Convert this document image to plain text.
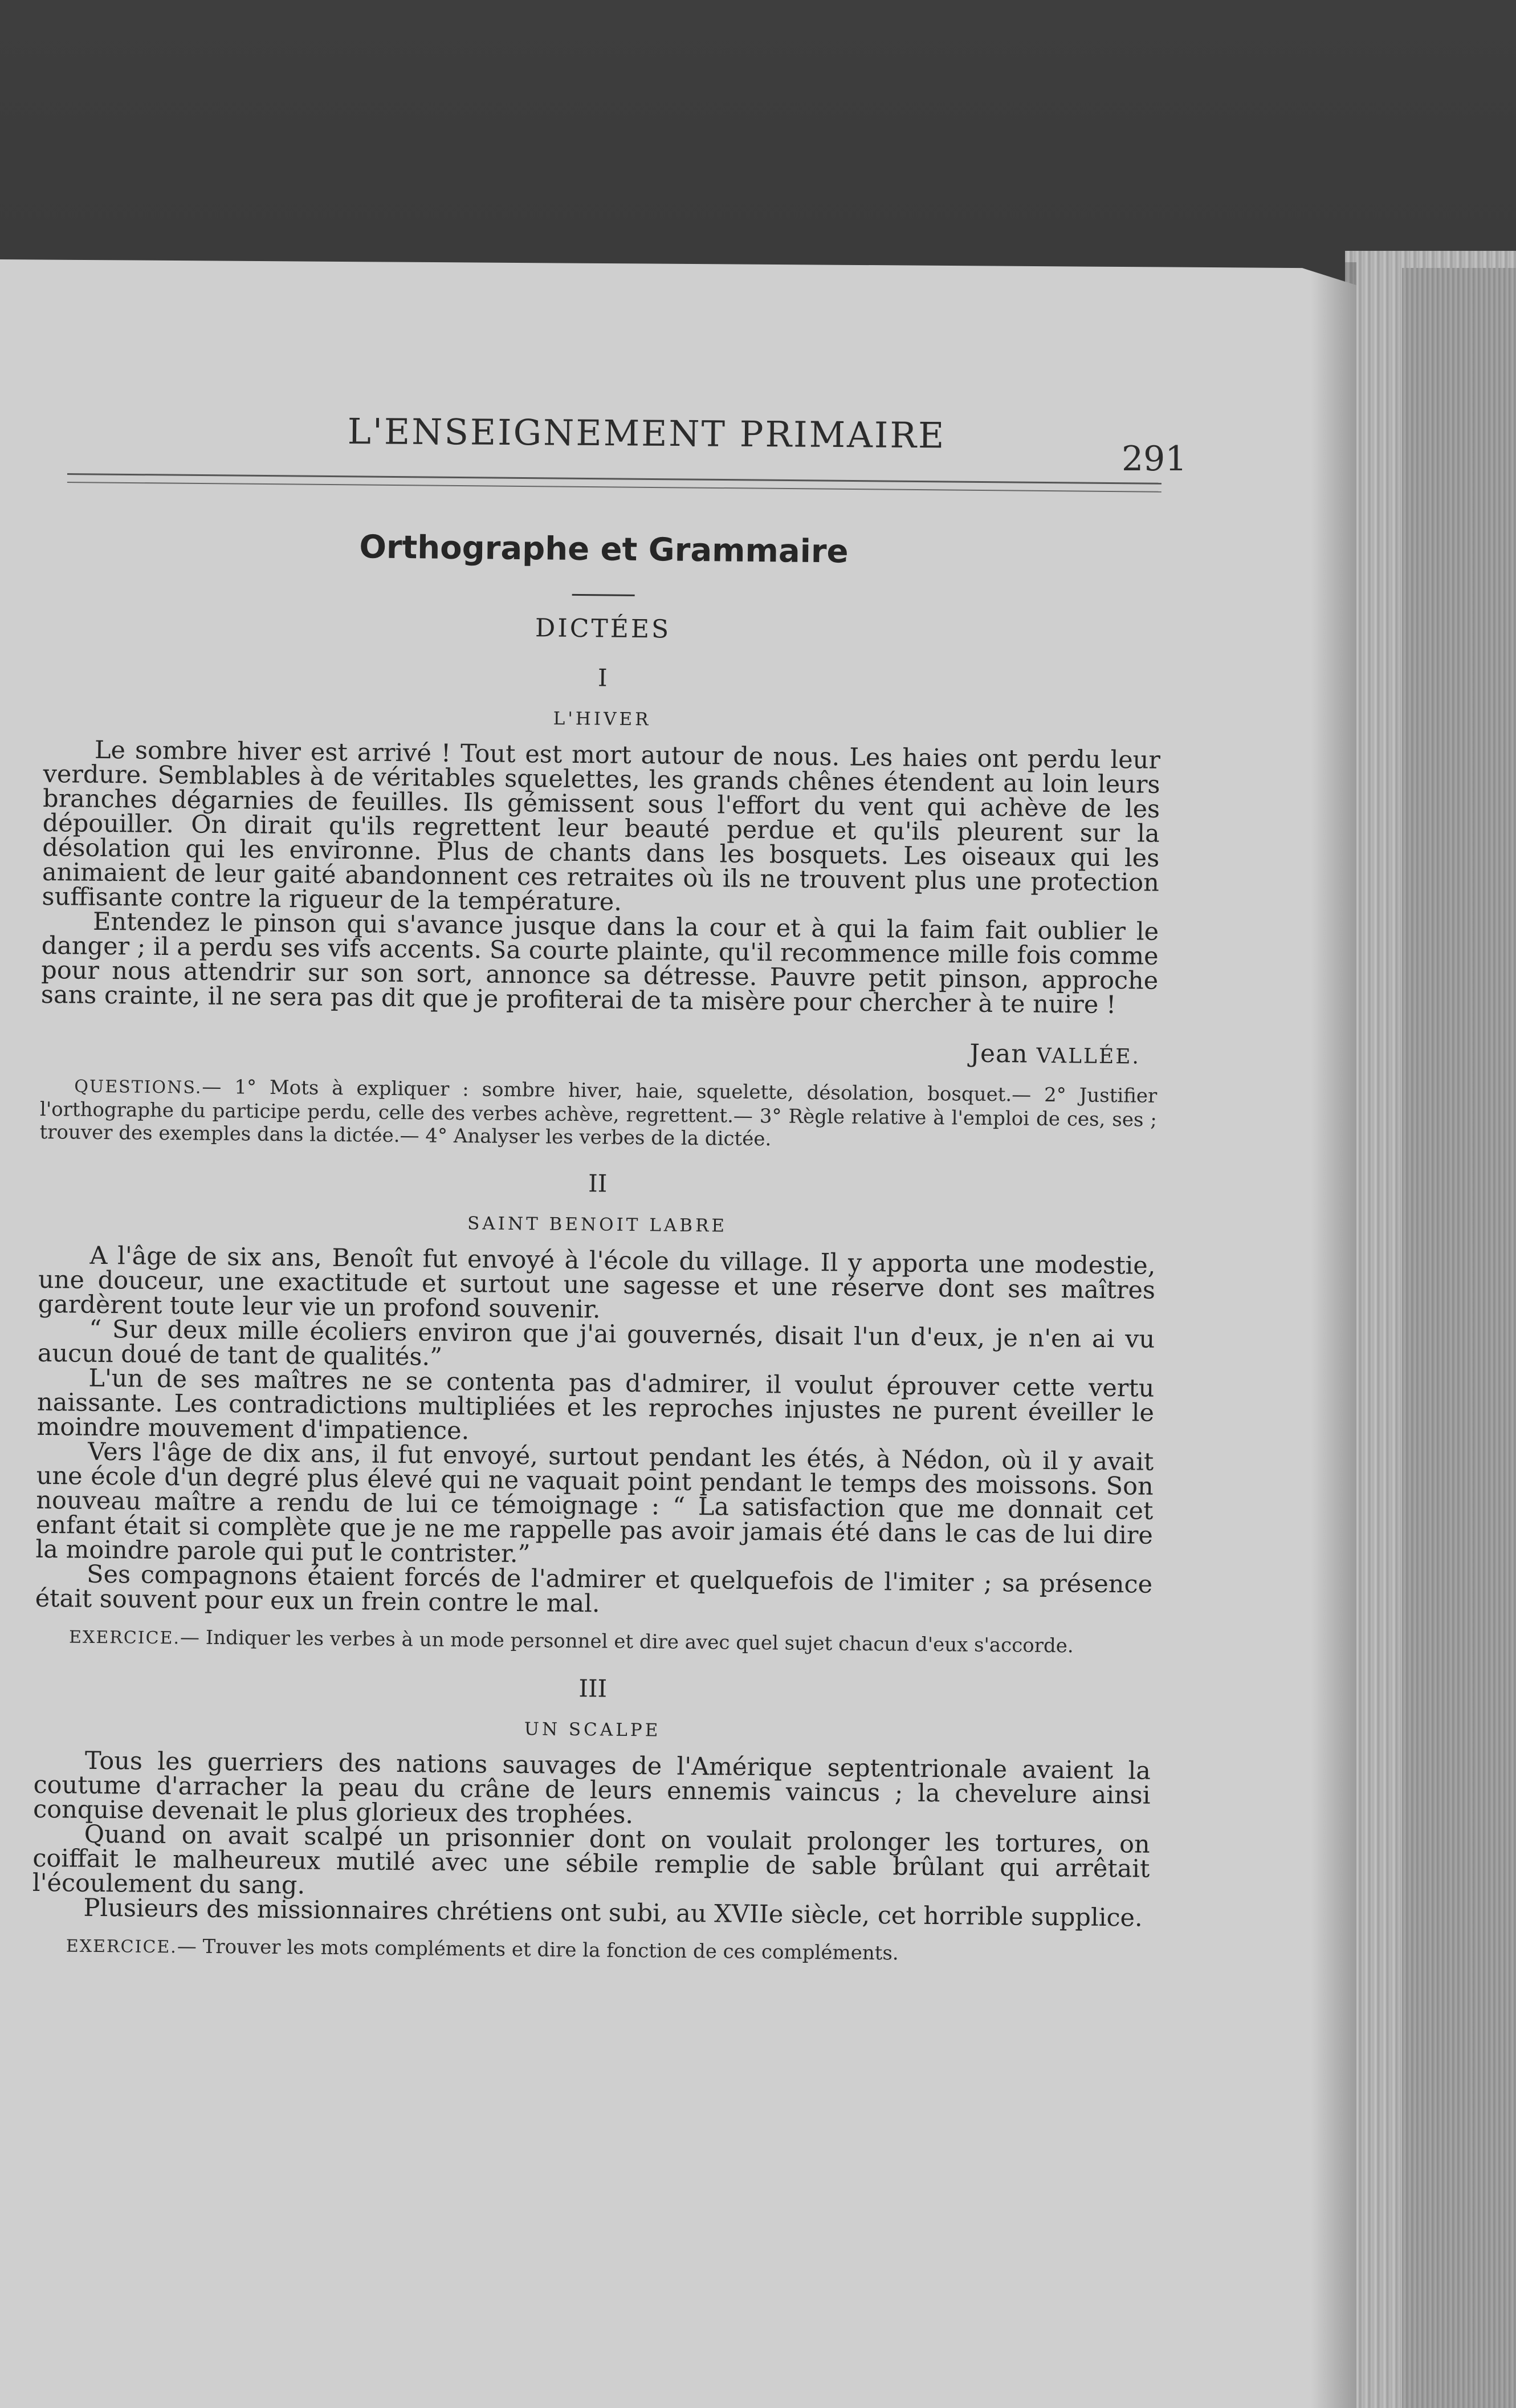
L'ENSEIGNEMENT PRIMAIRE
291
Orthographe et Grammaire
DICTÉES
I
L'HIVER

Le sombre hiver est arrivé ! Tout est mort autour de nous. Les haies ont perdu leur verdure. Semblables à de véritables squelettes, les grands chênes étendent au loin leurs branches dégarnies de feuilles. Ils gémissent sous l'effort du vent qui achève de les dépouiller. On dirait qu'ils regrettent leur beauté perdue et qu'ils pleurent sur la désolation qui les environne. Plus de chants dans les bosquets. Les oiseaux qui les animaient de leur gaité abandonnent ces retraites où ils ne trouvent plus une protection suffisante contre la rigueur de la température.

Entendez le pinson qui s'avance jusque dans la cour et à qui la faim fait oublier le danger ; il a perdu ses vifs accents. Sa courte plainte, qu'il recommence mille fois comme pour nous attendrir sur son sort, annonce sa détresse. Pauvre petit pinson, approche sans crainte, il ne sera pas dit que je profiterai de ta misère pour chercher à te nuire !

Jean VALLÉE.

QUESTIONS.— 1° Mots à expliquer : sombre hiver, haie, squelette, désolation, bosquet.— 2° Justifier l'orthographe du participe perdu, celle des verbes achève, regrettent.— 3° Règle relative à l'emploi de ces, ses ; trouver des exemples dans la dictée.— 4° Analyser les verbes de la dictée.

II
SAINT BENOIT LABRE

A l'âge de six ans, Benoît fut envoyé à l'école du village. Il y apporta une modestie, une douceur, une exactitude et surtout une sagesse et une réserve dont ses maîtres gardèrent toute leur vie un profond souvenir.

“ Sur deux mille écoliers environ que j'ai gouvernés, disait l'un d'eux, je n'en ai vu aucun doué de tant de qualités.”

L'un de ses maîtres ne se contenta pas d'admirer, il voulut éprouver cette vertu naissante. Les contradictions multipliées et les reproches injustes ne purent éveiller le moindre mouvement d'impatience.

Vers l'âge de dix ans, il fut envoyé, surtout pendant les étés, à Nédon, où il y avait une école d'un degré plus élevé qui ne vaquait point pendant le temps des moissons. Son nouveau maître a rendu de lui ce témoignage : “ La satisfaction que me donnait cet enfant était si complète que je ne me rappelle pas avoir jamais été dans le cas de lui dire la moindre parole qui put le contrister.”

Ses compagnons étaient forcés de l'admirer et quelquefois de l'imiter ; sa présence était souvent pour eux un frein contre le mal.

EXERCICE.— Indiquer les verbes à un mode personnel et dire avec quel sujet chacun d'eux s'accorde.

III
UN SCALPE

Tous les guerriers des nations sauvages de l'Amérique septentrionale avaient la coutume d'arracher la peau du crâne de leurs ennemis vaincus ; la chevelure ainsi conquise devenait le plus glorieux des trophées.

Quand on avait scalpé un prisonnier dont on voulait prolonger les tortures, on coiffait le malheureux mutilé avec une sébile remplie de sable brûlant qui arrêtait l'écoulement du sang.

Plusieurs des missionnaires chrétiens ont subi, au XVIIe siècle, cet horrible supplice.

EXERCICE.— Trouver les mots compléments et dire la fonction de ces compléments.
